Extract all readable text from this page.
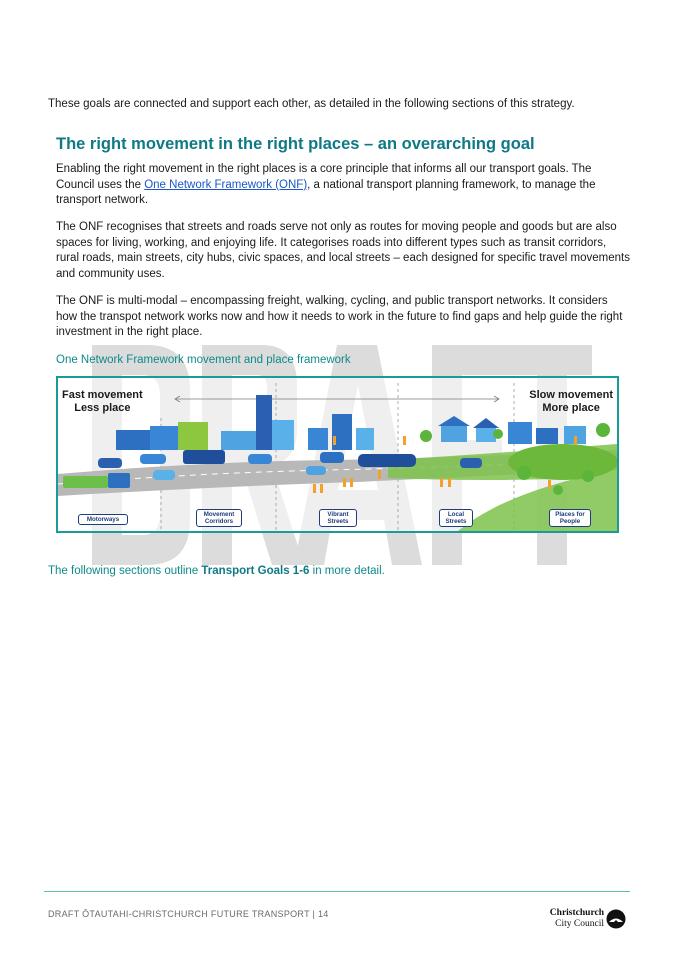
These goals are connected and support each other, as detailed in the following sections of this strategy.

The right movement in the right places – an overarching goal

Enabling the right movement in the right places is a core principle that informs all our transport goals. The Council uses the One Network Framework (ONF), a national transport planning framework, to manage the transport network.

The ONF recognises that streets and roads serve not only as routes for moving people and goods but are also spaces for living, working, and enjoying life. It categorises roads into different types such as transit corridors, rural roads, main streets, city hubs, civic spaces, and local streets – each designed for specific travel movements and community uses.

The ONF is multi-modal – encompassing freight, walking, cycling, and public transport networks. It considers how the transpot network works now and how it needs to work in the future to find gaps and help guide the right investment in the right place.

One Network Framework movement and place framework

Fast movement
Less place
Slow movement
More place
Motorways
Movement
Corridors
Vibrant
Streets
Local
Streets
Places for
People

The following sections outline Transport Goals 1-6 in more detail.

DRAFT ŌTAUTAHI-CHRISTCHURCH FUTURE TRANSPORT | 14	Christchurch
City Council
